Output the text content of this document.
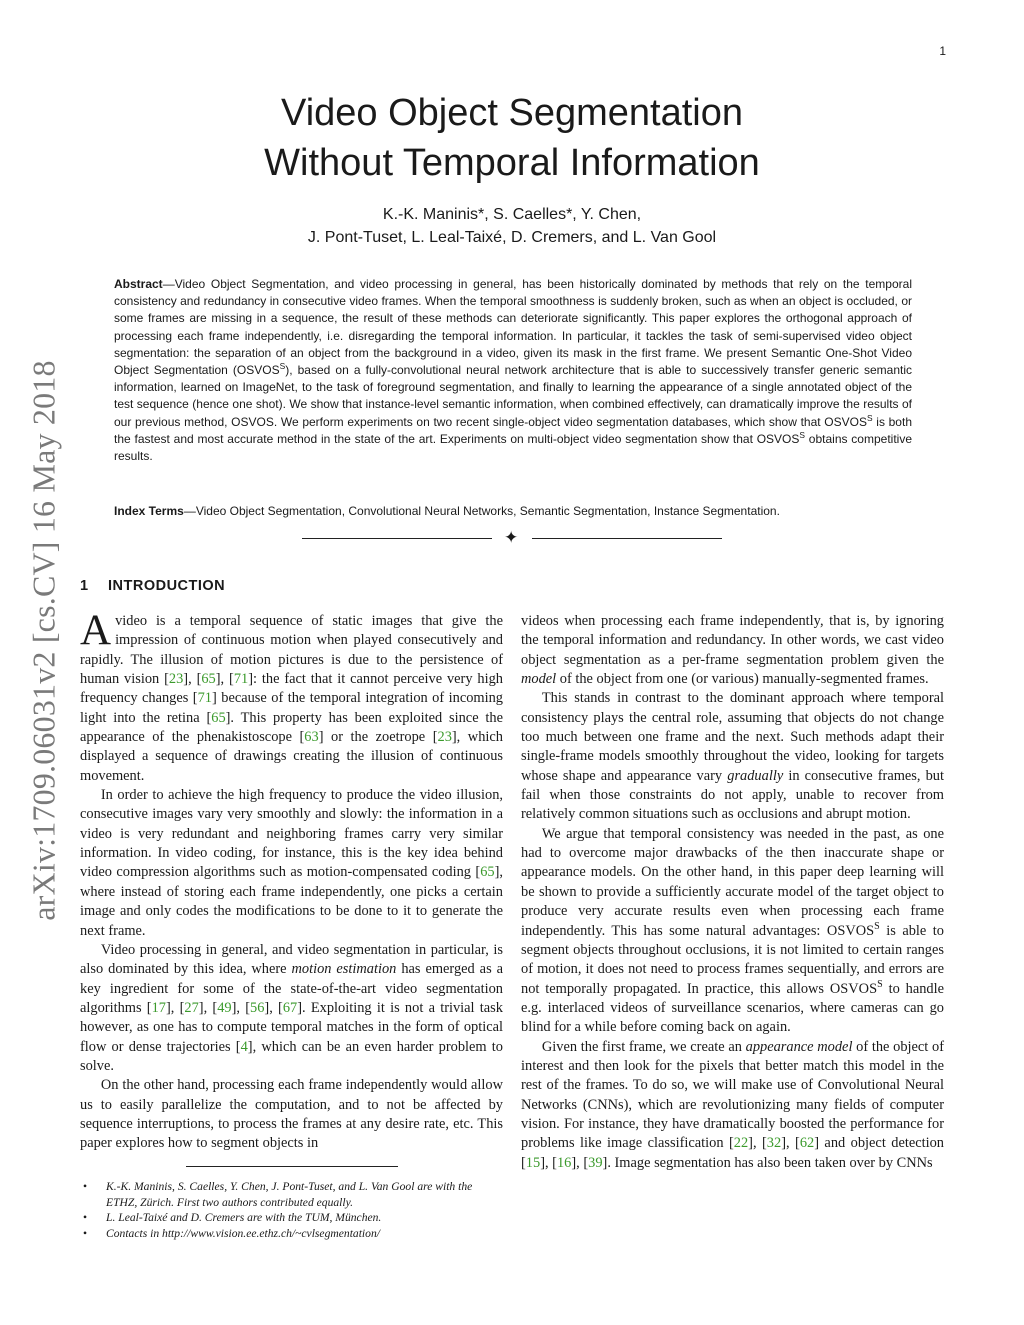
1
arXiv:1709.06031v2 [cs.CV] 16 May 2018
Video Object Segmentation
Without Temporal Information
K.-K. Maninis*, S. Caelles*, Y. Chen,
J. Pont-Tuset, L. Leal-Taixé, D. Cremers, and L. Van Gool

Abstract—Video Object Segmentation, and video processing in general, has been historically dominated by methods that rely on the temporal consistency and redundancy in consecutive video frames. When the temporal smoothness is suddenly broken, such as when an object is occluded, or some frames are missing in a sequence, the result of these methods can deteriorate significantly. This paper explores the orthogonal approach of processing each frame independently, i.e. disregarding the temporal information. In particular, it tackles the task of semi-supervised video object segmentation: the separation of an object from the background in a video, given its mask in the first frame. We present Semantic One-Shot Video Object Segmentation $(OSVOS^S)$, based on a fully-convolutional neural network architecture that is able to successively transfer generic semantic information, learned on ImageNet, to the task of foreground segmentation, and finally to learning the appearance of a single annotated object of the test sequence (hence one shot). We show that instance-level semantic information, when combined effectively, can dramatically improve the results of our previous method, OSVOS. We perform experiments on two recent single-object video segmentation databases, which show that $OSVOS^S$ is both the fastest and most accurate method in the state of the art. Experiments on multi-object video segmentation show that $OSVOS^S$ obtains competitive results.

Index Terms—Video Object Segmentation, Convolutional Neural Networks, Semantic Segmentation, Instance Segmentation.

✦
1 INTRODUCTION

A video is a temporal sequence of static images that give the impression of continuous motion when played consecutively and rapidly. The illusion of motion pictures is due to the persistence of human vision [23], [65], [71]: the fact that it cannot perceive very high frequency changes [71] because of the temporal integration of incoming light into the retina [65]. This property has been exploited since the appearance of the phenakistoscope [63] or the zoetrope [23], which displayed a sequence of drawings creating the illusion of continuous movement.

In order to achieve the high frequency to produce the video illusion, consecutive images vary very smoothly and slowly: the information in a video is very redundant and neighboring frames carry very similar information. In video coding, for instance, this is the key idea behind video compression algorithms such as motion-compensated coding [65], where instead of storing each frame independently, one picks a certain image and only codes the modifications to be done to it to generate the next frame.

Video processing in general, and video segmentation in particular, is also dominated by this idea, where motion estimation has emerged as a key ingredient for some of the state-of-the-art video segmentation algorithms [17], [27], [49], [56], [67]. Exploiting it is not a trivial task however, as one has to compute temporal matches in the form of optical flow or dense trajectories [4], which can be an even harder problem to solve.

On the other hand, processing each frame independently would allow us to easily parallelize the computation, and to not be affected by sequence interruptions, to process the frames at any desire rate, etc. This paper explores how to segment objects in

• K.-K. Maninis, S. Caelles, Y. Chen, J. Pont-Tuset, and L. Van Gool are with the ETHZ, Zürich. First two authors contributed equally.
• L. Leal-Taixé and D. Cremers are with the TUM, München.
• Contacts in http://www.vision.ee.ethz.ch/~cvlsegmentation/

videos when processing each frame independently, that is, by ignoring the temporal information and redundancy. In other words, we cast video object segmentation as a per-frame segmentation problem given the model of the object from one (or various) manually-segmented frames.

This stands in contrast to the dominant approach where temporal consistency plays the central role, assuming that objects do not change too much between one frame and the next. Such methods adapt their single-frame models smoothly throughout the video, looking for targets whose shape and appearance vary gradually in consecutive frames, but fail when those constraints do not apply, unable to recover from relatively common situations such as occlusions and abrupt motion.

We argue that temporal consistency was needed in the past, as one had to overcome major drawbacks of the then inaccurate shape or appearance models. On the other hand, in this paper deep learning will be shown to provide a sufficiently accurate model of the target object to produce very accurate results even when processing each frame independently. This has some natural advantages: $OSVOS^S$ is able to segment objects throughout occlusions, it is not limited to certain ranges of motion, it does not need to process frames sequentially, and errors are not temporally propagated. In practice, this allows $OSVOS^S$ to handle e.g. interlaced videos of surveillance scenarios, where cameras can go blind for a while before coming back on again.

Given the first frame, we create an appearance model of the object of interest and then look for the pixels that better match this model in the rest of the frames. To do so, we will make use of Convolutional Neural Networks (CNNs), which are revolutionizing many fields of computer vision. For instance, they have dramatically boosted the performance for problems like image classification [22], [32], [62] and object detection [15], [16], [39]. Image segmentation has also been taken over by CNNs
